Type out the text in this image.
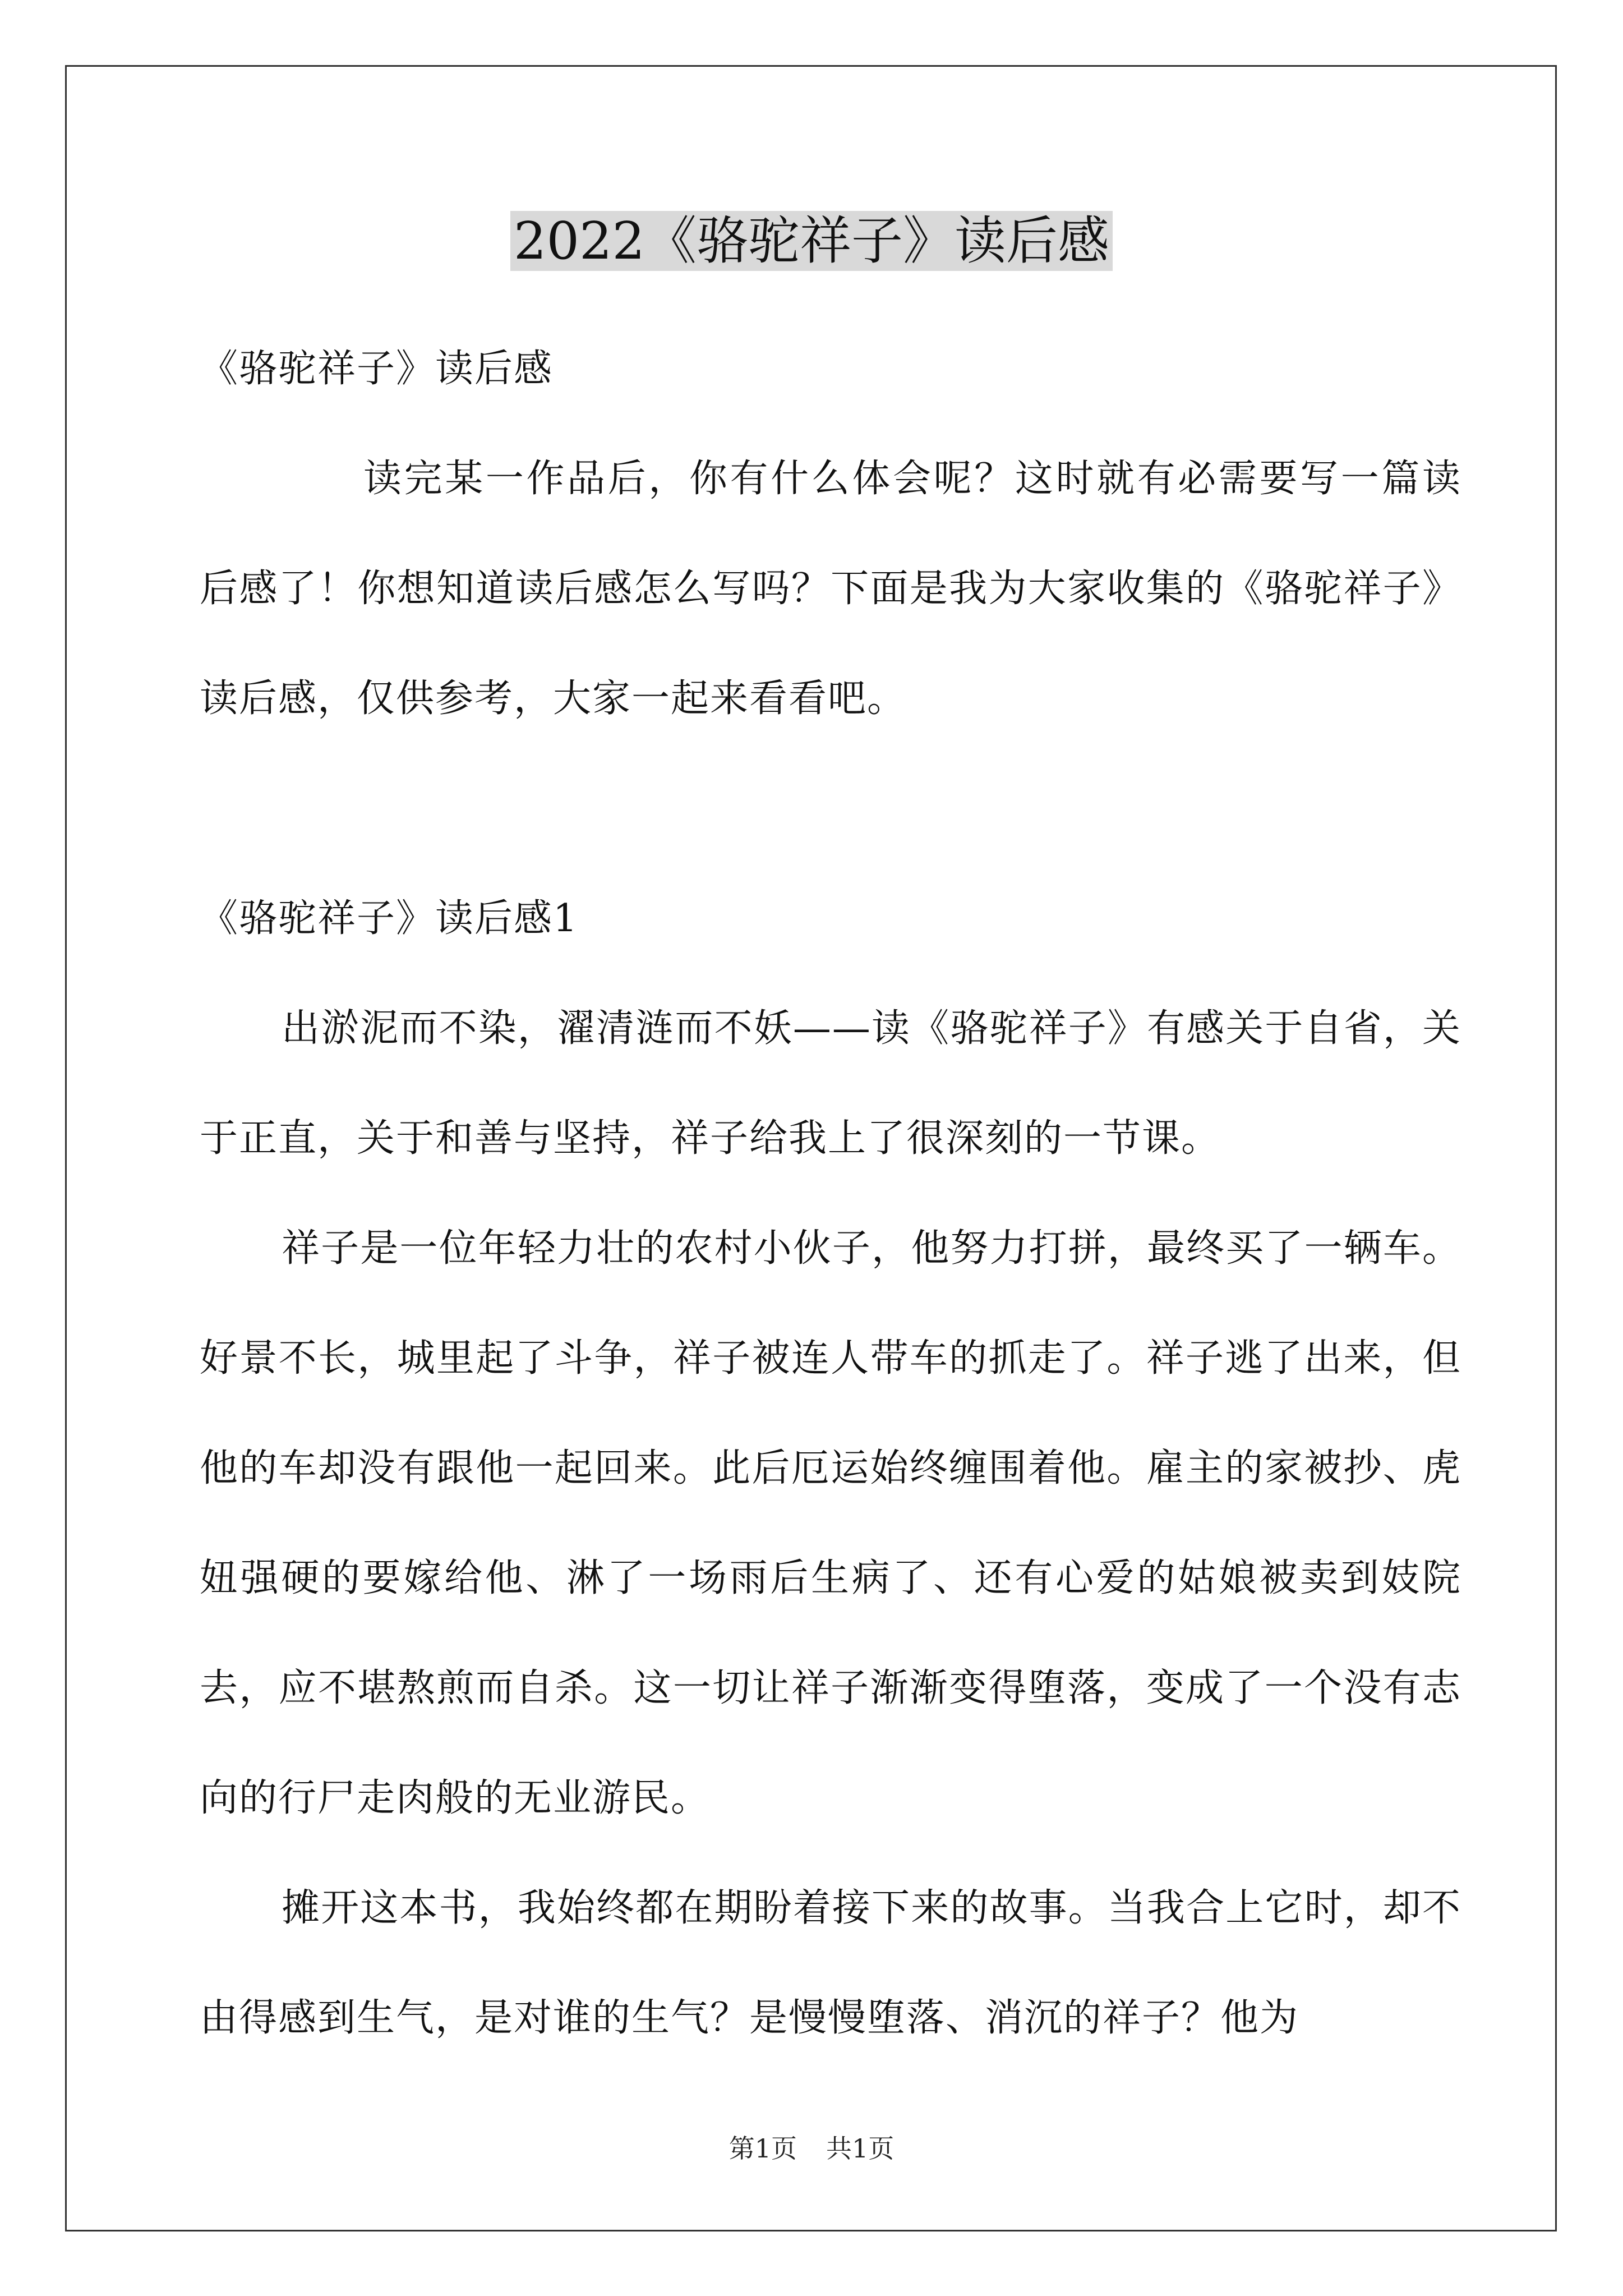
2022《骆驼祥子》读后感

《骆驼祥子》读后感

读完某一作品后，你有什么体会呢？这时就有必需要写一篇读后感了！你想知道读后感怎么写吗？下面是我为大家收集的《骆驼祥子》读后感，仅供参考，大家一起来看看吧。

《骆驼祥子》读后感1

出淤泥而不染，濯清涟而不妖——读《骆驼祥子》有感关于自省，关于正直，关于和善与坚持，祥子给我上了很深刻的一节课。

祥子是一位年轻力壮的农村小伙子，他努力打拼，最终买了一辆车。好景不长，城里起了斗争，祥子被连人带车的抓走了。祥子逃了出来，但他的车却没有跟他一起回来。此后厄运始终缠围着他。雇主的家被抄、虎妞强硬的要嫁给他、淋了一场雨后生病了、还有心爱的姑娘被卖到妓院去，应不堪熬煎而自杀。这一切让祥子渐渐变得堕落，变成了一个没有志向的行尸走肉般的无业游民。

摊开这本书，我始终都在期盼着接下来的故事。当我合上它时，却不由得感到生气，是对谁的生气？是慢慢堕落、消沉的祥子？他为

第1页 共1页
